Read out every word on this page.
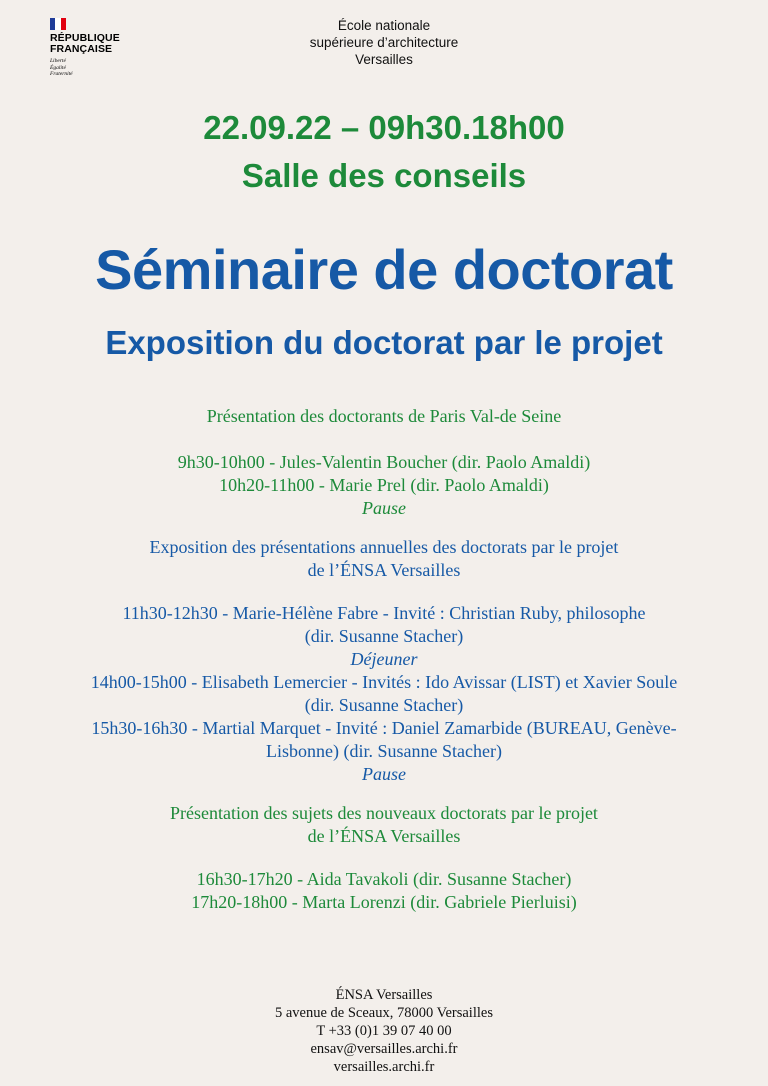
RÉPUBLIQUE
FRANÇAISE
Liberté
Égalité
Fraternité
École nationale
supérieure d’architecture
Versailles
22.09.22 – 09h30.18h00
Salle des conseils
Séminaire de doctorat
Exposition du doctorat par le projet
Présentation des doctorants de Paris Val-de Seine
9h30-10h00 - Jules-Valentin Boucher (dir. Paolo Amaldi)
10h20-11h00 - Marie Prel (dir. Paolo Amaldi)
Pause
Exposition des présentations annuelles des doctorats par le projet
de l’ÉNSA Versailles
11h30-12h30 - Marie-Hélène Fabre - Invité : Christian Ruby, philosophe
(dir. Susanne Stacher)
Déjeuner
14h00-15h00 - Elisabeth Lemercier - Invités : Ido Avissar (LIST) et Xavier Soule
(dir. Susanne Stacher)
15h30-16h30 - Martial Marquet - Invité : Daniel Zamarbide (BUREAU, Genève-
Lisbonne) (dir. Susanne Stacher)
Pause
Présentation des sujets des nouveaux doctorats par le projet
de l’ÉNSA Versailles
16h30-17h20 - Aida Tavakoli (dir. Susanne Stacher)
17h20-18h00 - Marta Lorenzi (dir. Gabriele Pierluisi)
ÉNSA Versailles
5 avenue de Sceaux, 78000 Versailles
T +33 (0)1 39 07 40 00
ensav@versailles.archi.fr
versailles.archi.fr
